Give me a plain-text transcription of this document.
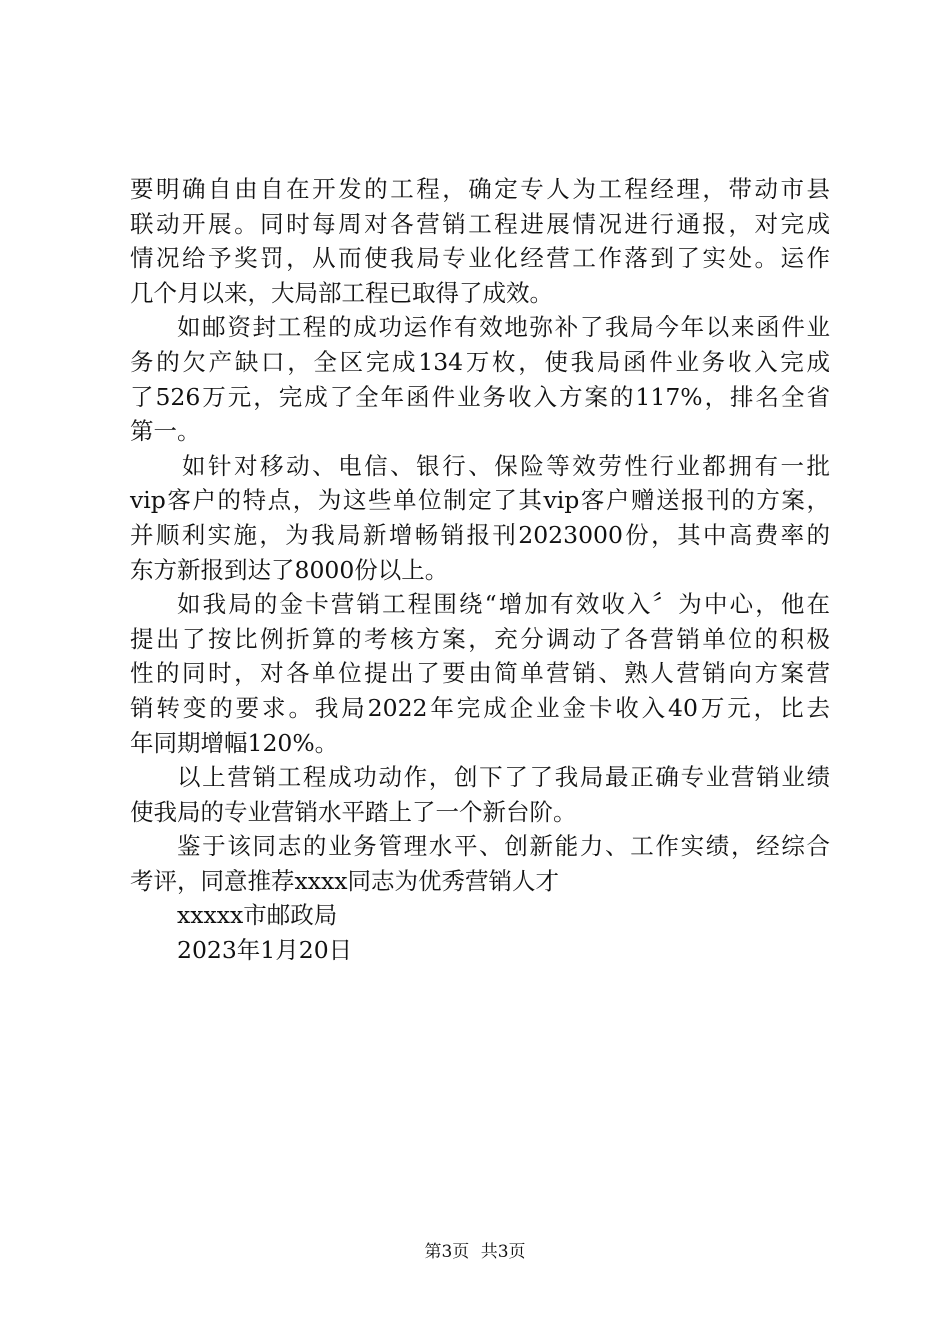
要明确自由自在开发的工程，确定专人为工程经理，带动市县
联动开展。同时每周对各营销工程进展情况进行通报，对完成
情况给予奖罚，从而使我局专业化经营工作落到了实处。运作
几个月以来，大局部工程已取得了成效。
如邮资封工程的成功运作有效地弥补了我局今年以来函件业
务的欠产缺口，全区完成134万枚，使我局函件业务收入完成
了526万元，完成了全年函件业务收入方案的117%，排名全省
第一。
如针对移动、电信、银行、保险等效劳性行业都拥有一批
vip客户的特点，为这些单位制定了其vip客户赠送报刊的方案，
并顺利实施，为我局新增畅销报刊2023000份，其中高费率的
东方新报到达了8000份以上。
如我局的金卡营销工程围绕“增加有效收入〞为中心，他在
提出了按比例折算的考核方案，充分调动了各营销单位的积极
性的同时，对各单位提出了要由简单营销、熟人营销向方案营
销转变的要求。我局2022年完成企业金卡收入40万元，比去
年同期增幅120%。
以上营销工程成功动作，创下了了我局最正确专业营销业绩
使我局的专业营销水平踏上了一个新台阶。
鉴于该同志的业务管理水平、创新能力、工作实绩，经综合
考评，同意推荐xxxx同志为优秀营销人才
xxxxx市邮政局
2023年1月20日
第3页 共3页
